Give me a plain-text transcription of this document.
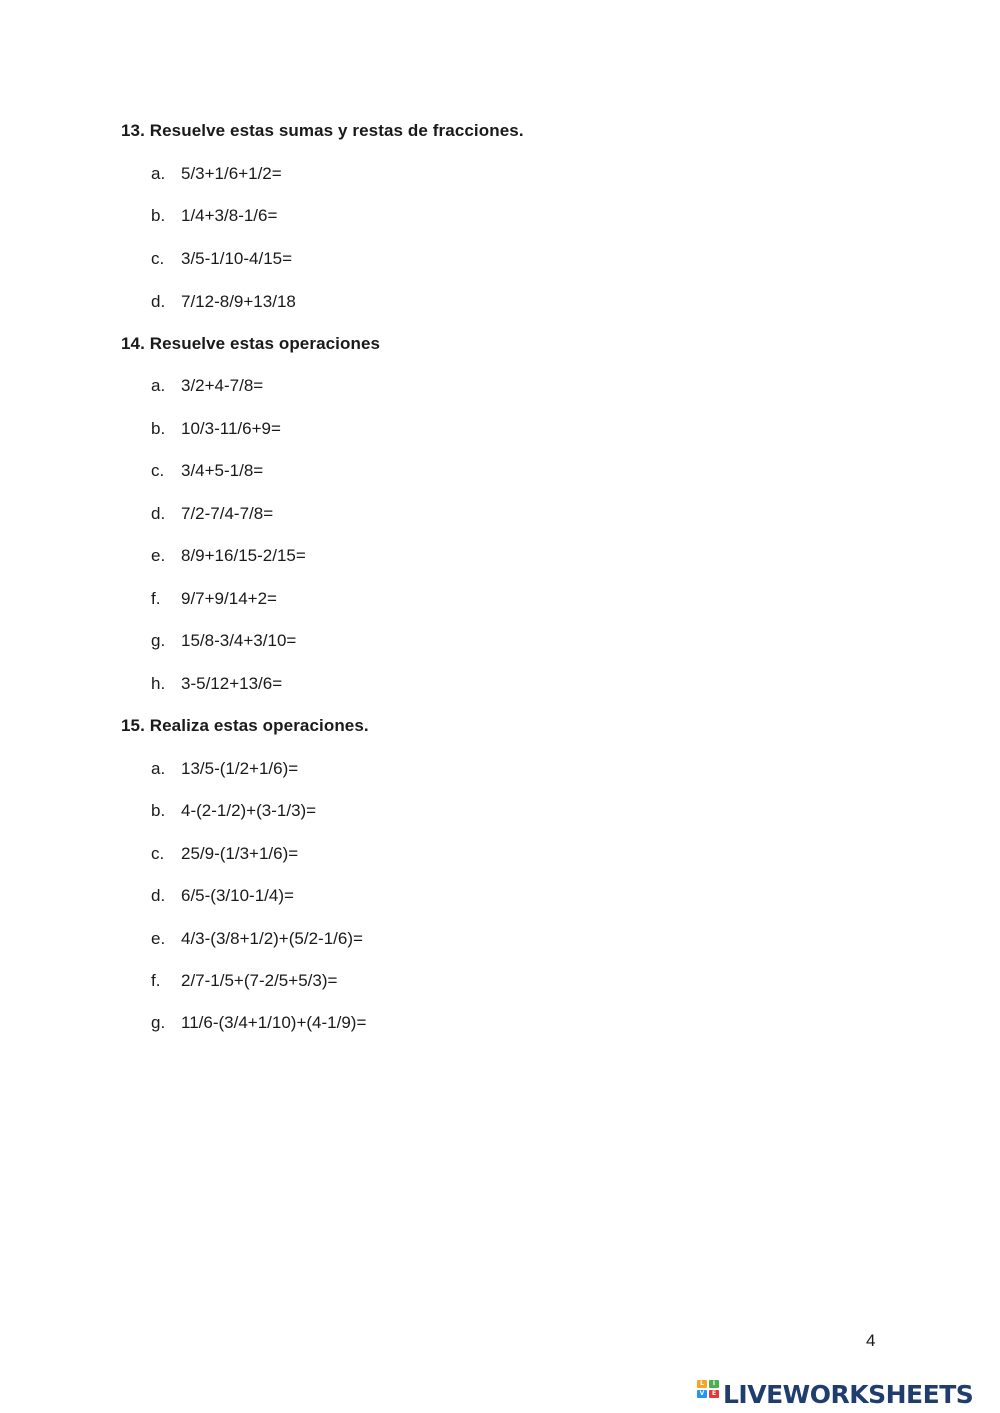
13. Resuelve estas sumas y restas de fracciones.
a. 5/3+1/6+1/2=
b. 1/4+3/8-1/6=
c. 3/5-1/10-4/15=
d. 7/12-8/9+13/18
14. Resuelve estas operaciones
a. 3/2+4-7/8=
b. 10/3-11/6+9=
c. 3/4+5-1/8=
d. 7/2-7/4-7/8=
e. 8/9+16/15-2/15=
f. 9/7+9/14+2=
g. 15/8-3/4+3/10=
h. 3-5/12+13/6=
15. Realiza estas operaciones.
a. 13/5-(1/2+1/6)=
b. 4-(2-1/2)+(3-1/3)=
c. 25/9-(1/3+1/6)=
d. 6/5-(3/10-1/4)=
e. 4/3-(3/8+1/2)+(5/2-1/6)=
f. 2/7-1/5+(7-2/5+5/3)=
g. 11/6-(3/4+1/10)+(4-1/9)=
4
L	I
V	E LIVEWORKSHEETS
